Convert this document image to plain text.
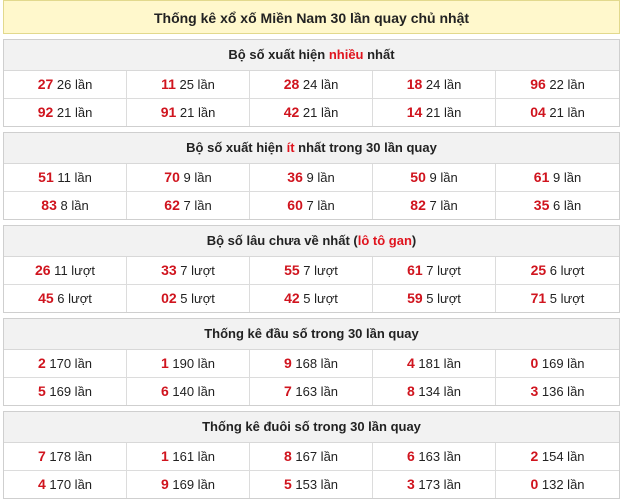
Thống kê xổ xố Miền Nam 30 lần quay chủ nhật
Bộ số xuất hiện nhiều nhất
27 26 lần	11 25 lần	28 24 lần	18 24 lần	96 22 lần
92 21 lần	91 21 lần	42 21 lần	14 21 lần	04 21 lần
Bộ số xuất hiện ít nhất trong 30 lần quay
51 11 lần	70 9 lần	36 9 lần	50 9 lần	61 9 lần
83 8 lần	62 7 lần	60 7 lần	82 7 lần	35 6 lần
Bộ số lâu chưa về nhất (lô tô gan)
26 11 lượt	33 7 lượt	55 7 lượt	61 7 lượt	25 6 lượt
45 6 lượt	02 5 lượt	42 5 lượt	59 5 lượt	71 5 lượt
Thống kê đầu số trong 30 lần quay
2 170 lần	1 190 lần	9 168 lần	4 181 lần	0 169 lần
5 169 lần	6 140 lần	7 163 lần	8 134 lần	3 136 lần
Thống kê đuôi số trong 30 lần quay
7 178 lần	1 161 lần	8 167 lần	6 163 lần	2 154 lần
4 170 lần	9 169 lần	5 153 lần	3 173 lần	0 132 lần
